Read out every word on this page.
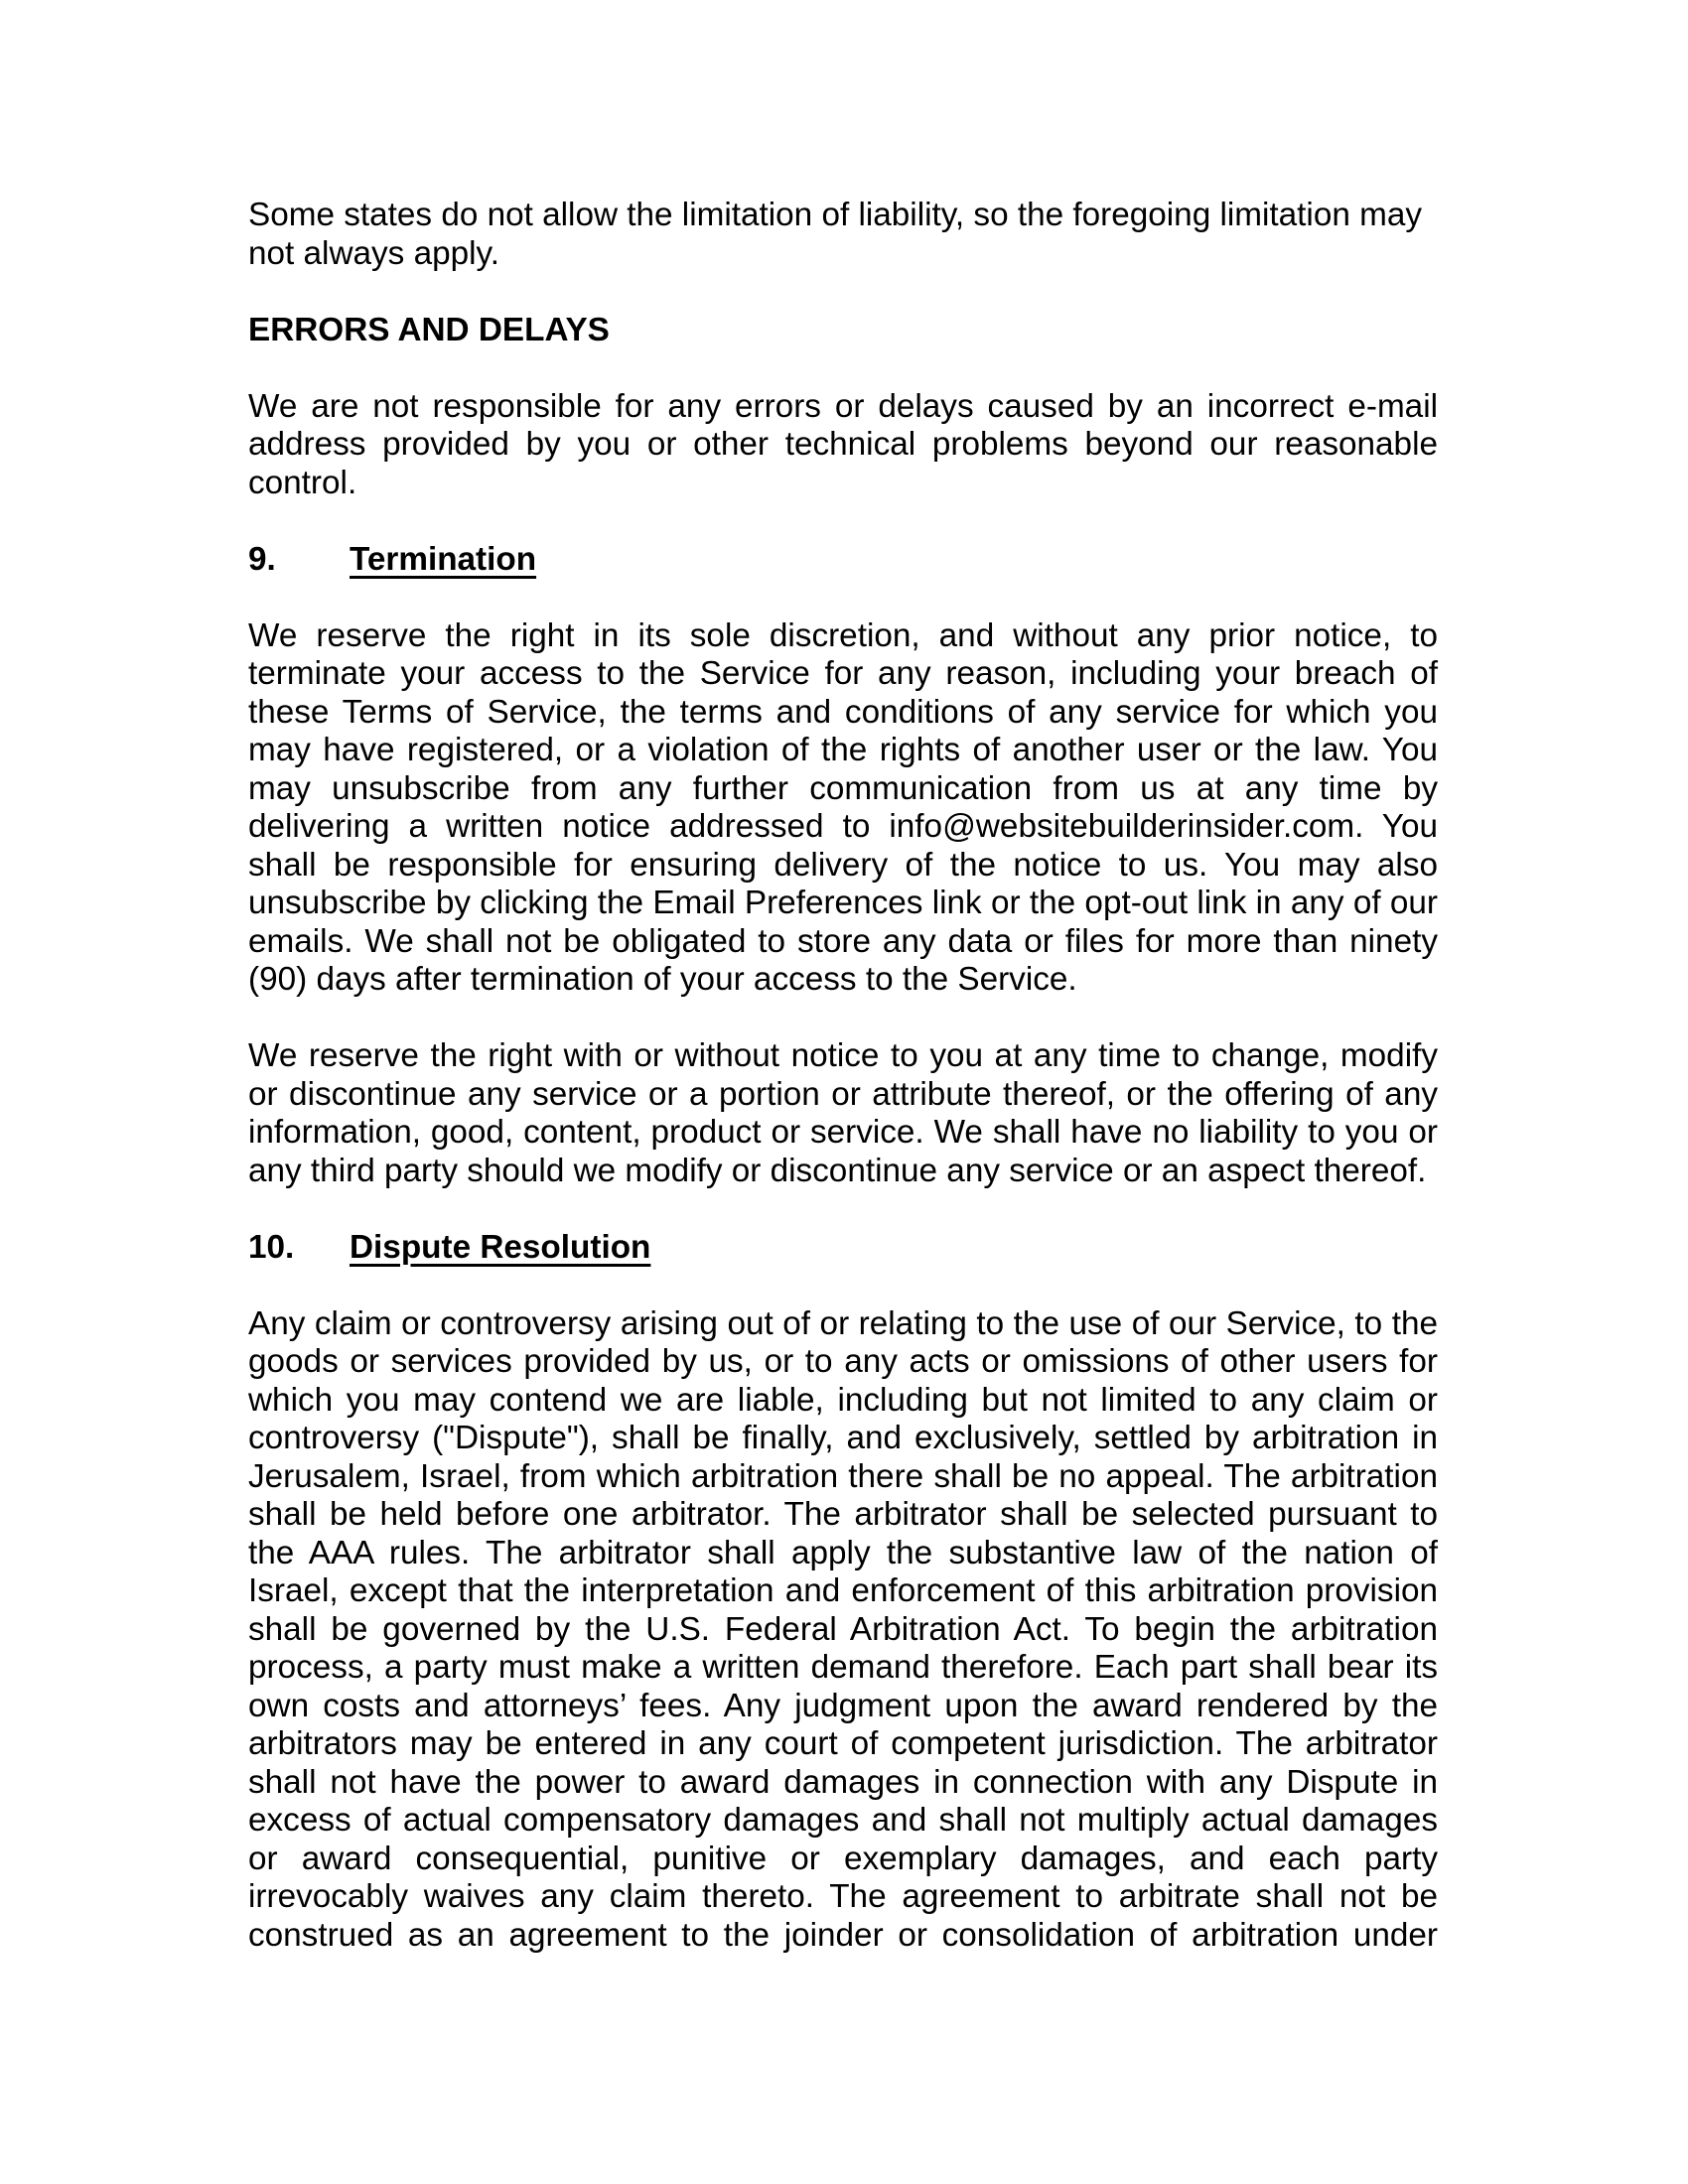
Some states do not allow the limitation of liability, so the foregoing limitation may not always apply.

ERRORS AND DELAYS

We are not responsible for any errors or delays caused by an incorrect e-mail address provided by you or other technical problems beyond our reasonable control.

9. Termination

We reserve the right in its sole discretion, and without any prior notice, to terminate your access to the Service for any reason, including your breach of these Terms of Service, the terms and conditions of any service for which you may have registered, or a violation of the rights of another user or the law. You may unsubscribe from any further communication from us at any time by delivering a written notice addressed to info@websitebuilderinsider.com. You shall be responsible for ensuring delivery of the notice to us. You may also unsubscribe by clicking the Email Preferences link or the opt-out link in any of our emails. We shall not be obligated to store any data or files for more than ninety (90) days after termination of your access to the Service.

We reserve the right with or without notice to you at any time to change, modify or discontinue any service or a portion or attribute thereof, or the offering of any information, good, content, product or service. We shall have no liability to you or any third party should we modify or discontinue any service or an aspect thereof.

10. Dispute Resolution

Any claim or controversy arising out of or relating to the use of our Service, to the goods or services provided by us, or to any acts or omissions of other users for which you may contend we are liable, including but not limited to any claim or controversy ("Dispute"), shall be finally, and exclusively, settled by arbitration in Jerusalem, Israel, from which arbitration there shall be no appeal. The arbitration shall be held before one arbitrator. The arbitrator shall be selected pursuant to the AAA rules. The arbitrator shall apply the substantive law of the nation of Israel, except that the interpretation and enforcement of this arbitration provision shall be governed by the U.S. Federal Arbitration Act. To begin the arbitration process, a party must make a written demand therefore. Each part shall bear its own costs and attorneys’ fees. Any judgment upon the award rendered by the arbitrators may be entered in any court of competent jurisdiction. The arbitrator shall not have the power to award damages in connection with any Dispute in excess of actual compensatory damages and shall not multiply actual damages or award consequential, punitive or exemplary damages, and each party irrevocably waives any claim thereto. The agreement to arbitrate shall not be construed as an agreement to the joinder or consolidation of arbitration under
